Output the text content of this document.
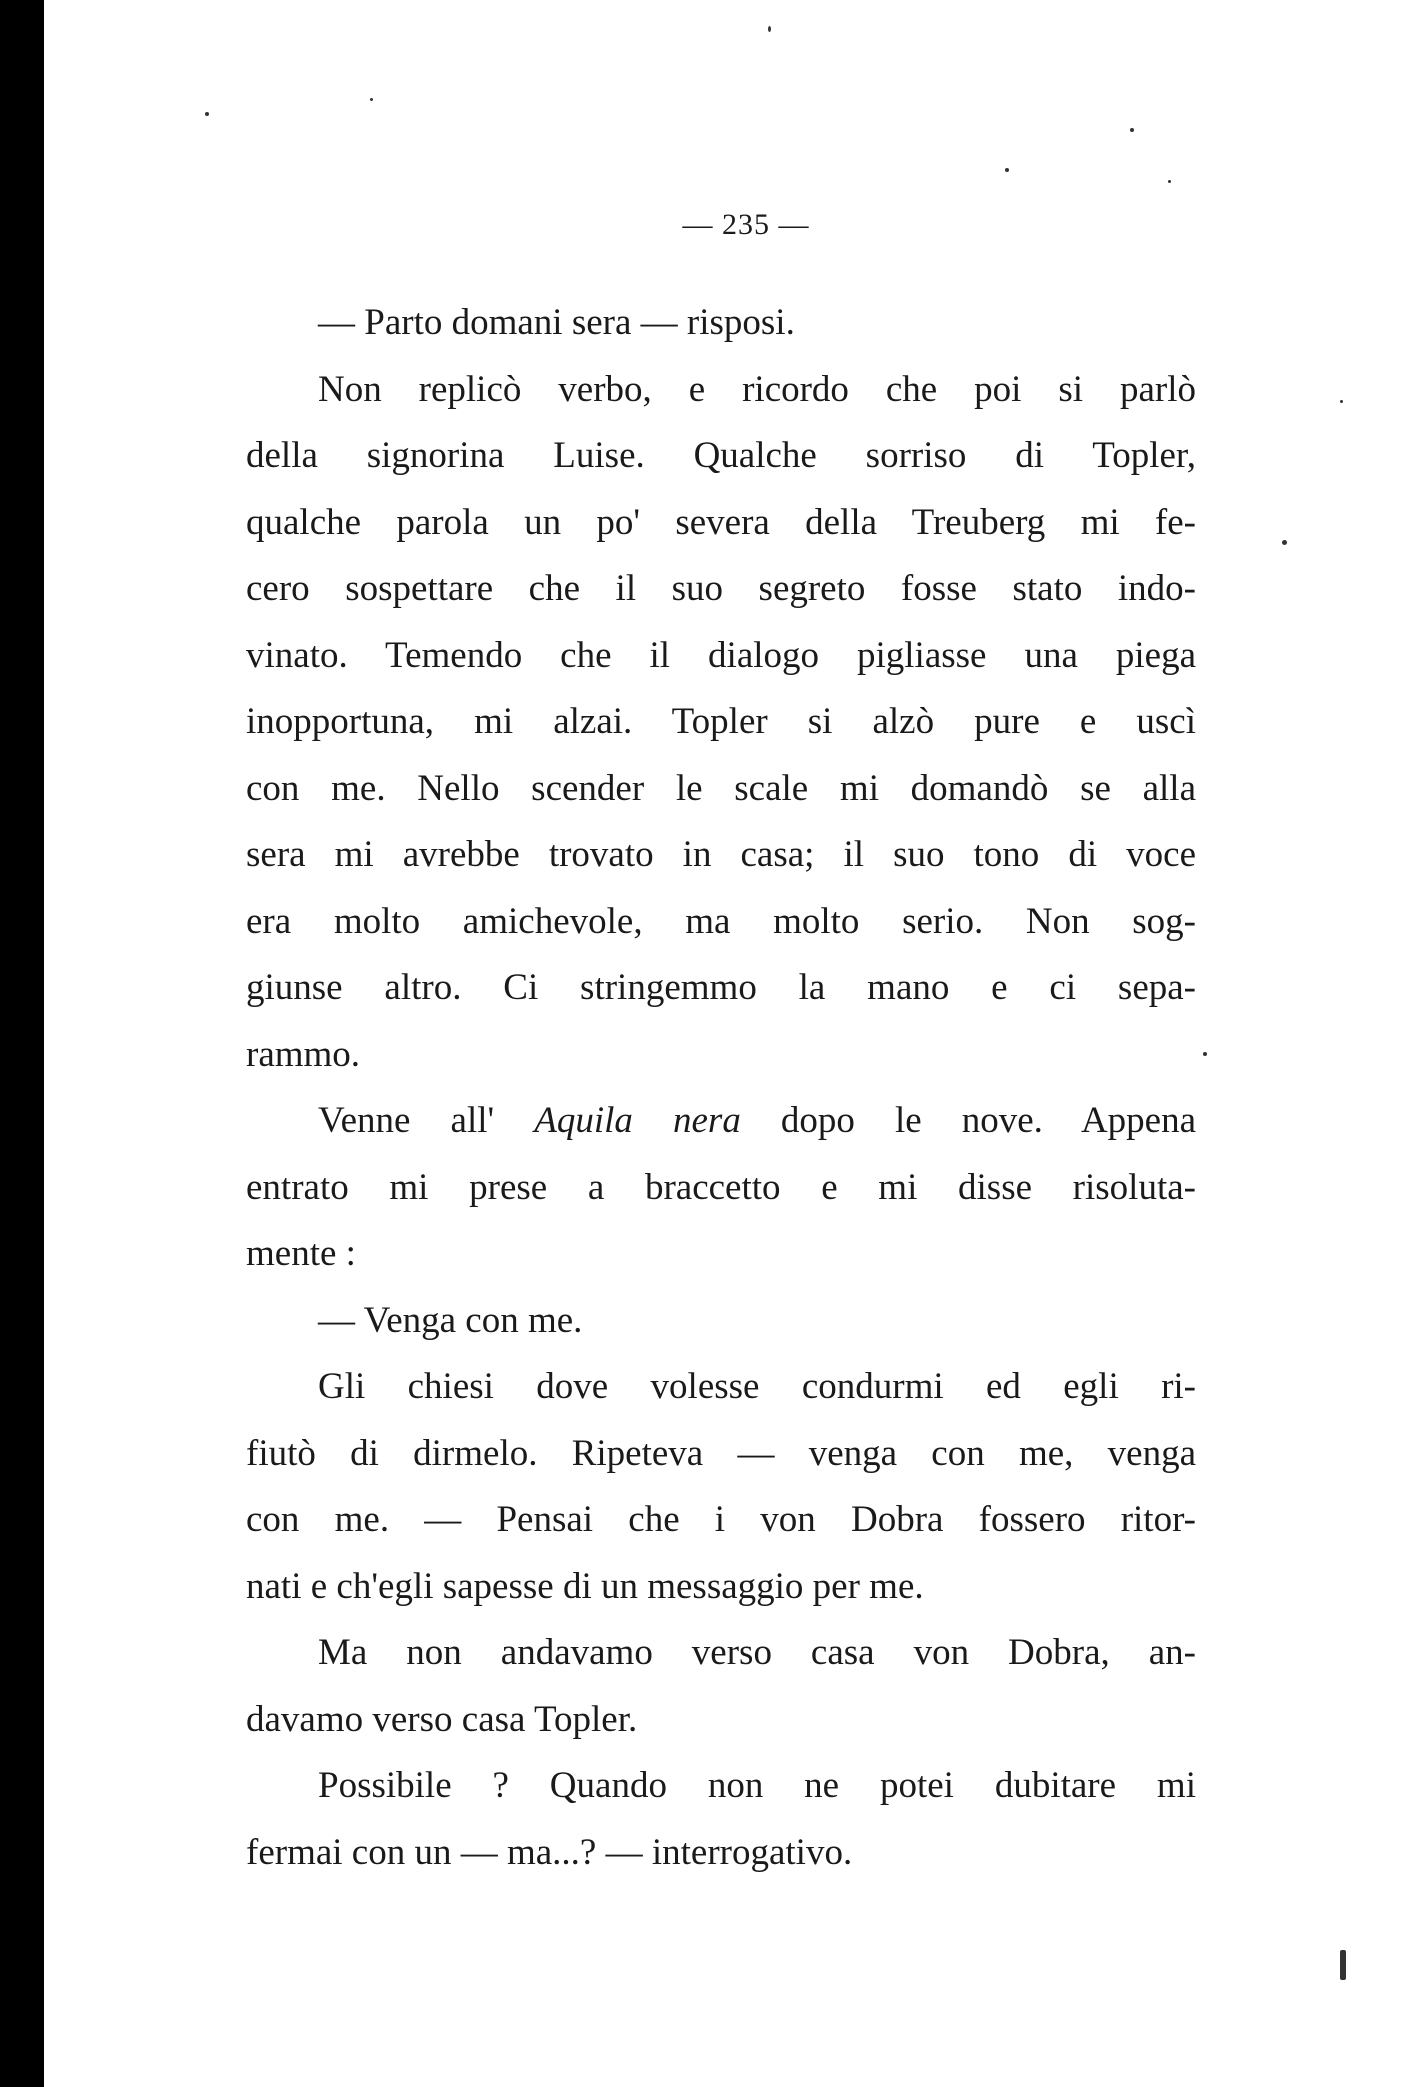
— 235 —

— Parto domani sera — risposi.

Non replicò verbo, e ricordo che poi si parlò
della signorina Luise. Qualche sorriso di Topler,
qualche parola un po' severa della Treuberg mi fe-
cero sospettare che il suo segreto fosse stato indo-
vinato. Temendo che il dialogo pigliasse una piega
inopportuna, mi alzai. Topler si alzò pure e uscì
con me. Nello scender le scale mi domandò se alla
sera mi avrebbe trovato in casa; il suo tono di voce
era molto amichevole, ma molto serio. Non sog-
giunse altro. Ci stringemmo la mano e ci sepa-
rammo.

Venne all' Aquila nera dopo le nove. Appena
entrato mi prese a braccetto e mi disse risoluta-
mente :

— Venga con me.

Gli chiesi dove volesse condurmi ed egli ri-
fiutò di dirmelo. Ripeteva — venga con me, venga
con me. — Pensai che i von Dobra fossero ritor-
nati e ch'egli sapesse di un messaggio per me.

Ma non andavamo verso casa von Dobra, an-
davamo verso casa Topler.

Possibile ? Quando non ne potei dubitare mi
fermai con un — ma...? — interrogativo.
